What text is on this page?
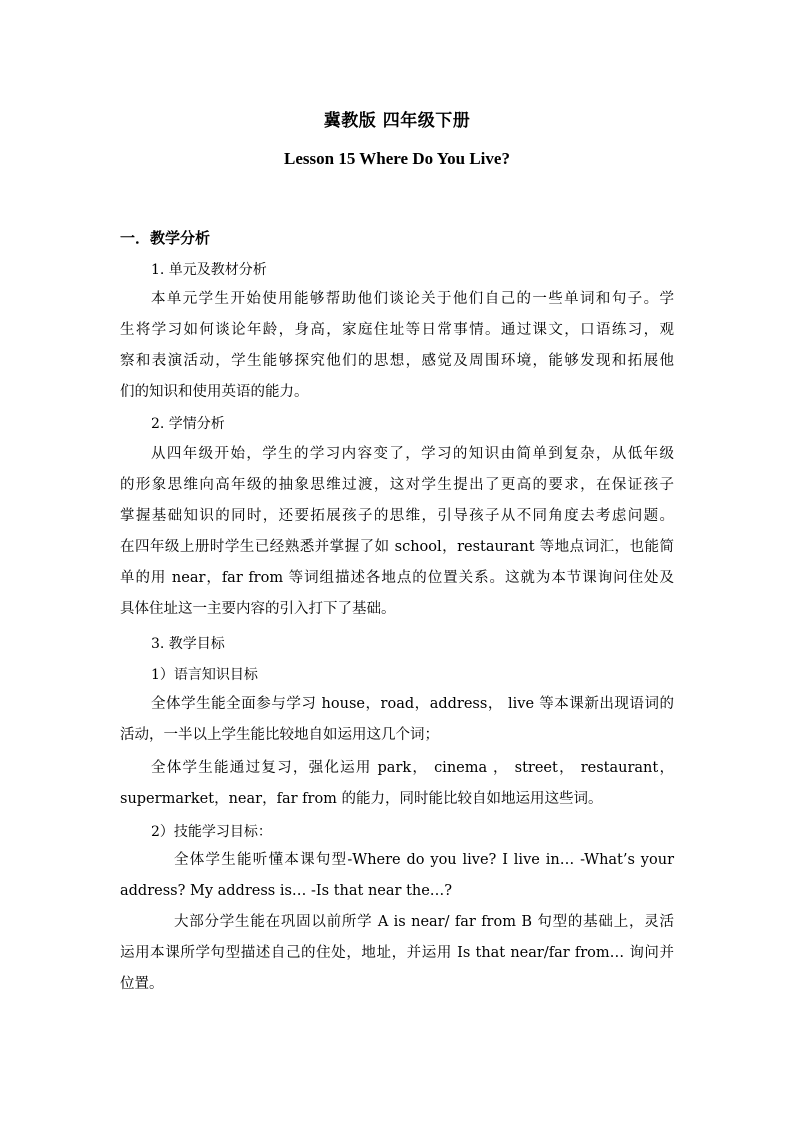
冀教版 四年级下册
Lesson 15 Where Do You Live?
一．教学分析
1. 单元及教材分析
本单元学生开始使用能够帮助他们谈论关于他们自己的一些单词和句子。学
生将学习如何谈论年龄，身高，家庭住址等日常事情。通过课文，口语练习，观
察和表演活动，学生能够探究他们的思想，感觉及周围环境，能够发现和拓展他
们的知识和使用英语的能力。
2. 学情分析
从四年级开始，学生的学习内容变了，学习的知识由简单到复杂，从低年级
的形象思维向高年级的抽象思维过渡，这对学生提出了更高的要求，在保证孩子
掌握基础知识的同时，还要拓展孩子的思维，引导孩子从不同角度去考虑问题。
在四年级上册时学生已经熟悉并掌握了如 school，restaurant 等地点词汇，也能简
单的用 near，far from 等词组描述各地点的位置关系。这就为本节课询问住处及
具体住址这一主要内容的引入打下了基础。
3. 教学目标
1）语言知识目标
全体学生能全面参与学习 house，road，address， live 等本课新出现语词的
活动，一半以上学生能比较地自如运用这几个词；
全体学生能通过复习，强化运用 park， cinema ， street， restaurant，
supermarket，near，far from 的能力，同时能比较自如地运用这些词。
2）技能学习目标：
全体学生能听懂本课句型-Where do you live? I live in… -What’s your
address? My address is… -Is that near the…?
大部分学生能在巩固以前所学 A is near/ far from B 句型的基础上，灵活
运用本课所学句型描述自己的住处，地址，并运用 Is that near/far from… 询问并
位置。
